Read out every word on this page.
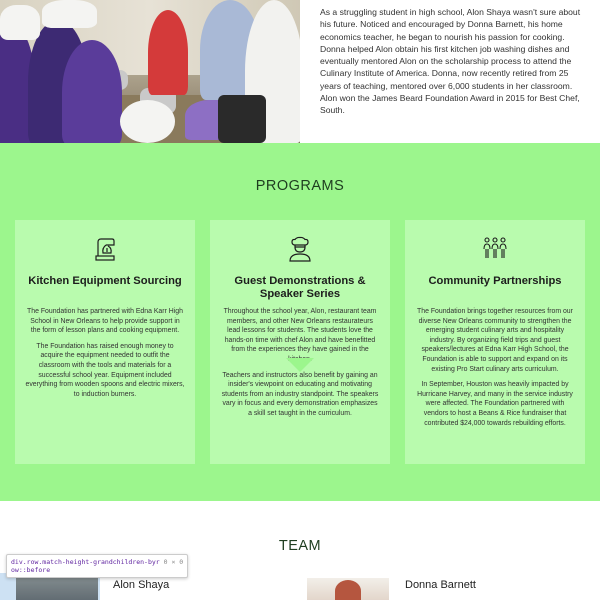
As a struggling student in high school, Alon Shaya wasn't sure about his future. Noticed and encouraged by Donna Barnett, his home economics teacher, he began to nourish his passion for cooking. Donna helped Alon obtain his first kitchen job washing dishes and eventually mentored Alon on the scholarship process to attend the Culinary Institute of America. Donna, now recently retired from 25 years of teaching, mentored over 6,000 students in her classroom. Alon won the James Beard Foundation Award in 2015 for Best Chef, South.
PROGRAMS
Kitchen Equipment Sourcing

The Foundation has partnered with Edna Karr High School in New Orleans to help provide support in the form of lesson plans and cooking equipment.

The Foundation has raised enough money to acquire the equipment needed to outfit the classroom with the tools and materials for a successful school year. Equipment included everything from wooden spoons and electric mixers, to induction burners.

Guest Demonstrations & Speaker Series

Throughout the school year, Alon, restaurant team members, and other New Orleans restaurateurs lead lessons for students. The students love the hands-on time with chef Alon and have benefitted from the experiences they have gained in the kitchen.

Teachers and instructors also benefit by gaining an insider's viewpoint on educating and motivating students from an industry standpoint. The speakers vary in focus and every demonstration emphasizes a skill set taught in the curriculum.

Community Partnerships

The Foundation brings together resources from our diverse New Orleans community to strengthen the emerging student culinary arts and hospitality industry. By organizing field trips and guest speakers/lectures at Edna Karr High School, the Foundation is able to support and expand on its existing Pro Start culinary arts curriculum.

In September, Houston was heavily impacted by Hurricane Harvey, and many in the service industry were affected. The Foundation partnered with vendors to host a Beans & Rice fundraiser that contributed $24,000 towards rebuilding efforts.

TEAM
Alon Shaya	Donna Barnett
div.row.match-height-grandchildren-byr 0 × 0
ow::before
